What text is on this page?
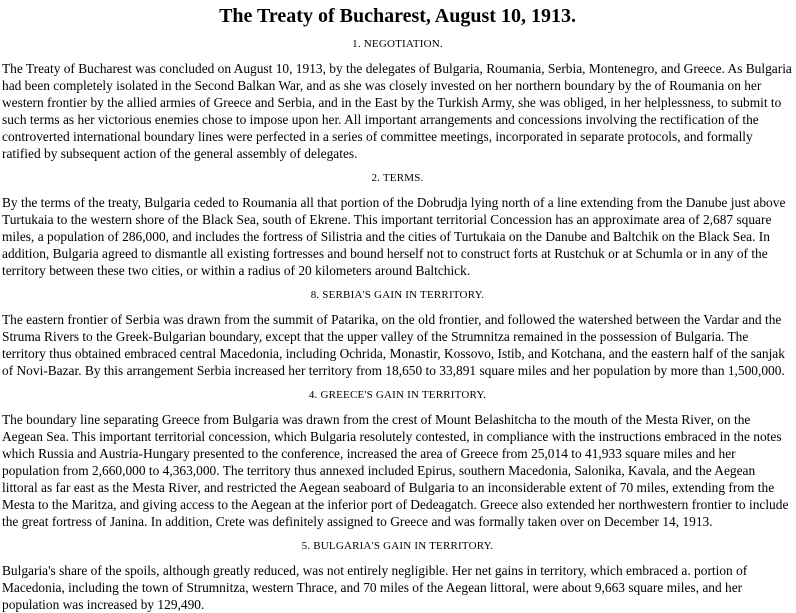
The Treaty of Bucharest, August 10, 1913.
1. NEGOTIATION.

The Treaty of Bucharest was concluded on August 10, 1913, by the delegates of Bulgaria, Roumania, Serbia, Montenegro, and Greece. As Bulgaria had been completely isolated in the Second Balkan War, and as she was closely invested on her northern boundary by the of Roumania on her western frontier by the allied armies of Greece and Serbia, and in the East by the Turkish Army, she was obliged, in her helplessness, to submit to such terms as her victorious enemies chose to impose upon her. All important arrangements and concessions involving the rectification of the controverted international boundary lines were perfected in a series of committee meetings, incorporated in separate protocols, and formally ratified by subsequent action of the general assembly of delegates.

2. TERMS.

By the terms of the treaty, Bulgaria ceded to Roumania all that portion of the Dobrudja lying north of a line extending from the Danube just above Turtukaia to the western shore of the Black Sea, south of Ekrene. This important territorial Concession has an approximate area of 2,687 square miles, a population of 286,000, and includes the fortress of Silistria and the cities of Turtukaia on the Danube and Baltchik on the Black Sea. In addition, Bulgaria agreed to dismantle all existing fortresses and bound herself not to construct forts at Rustchuk or at Schumla or in any of the territory between these two cities, or within a radius of 20 kilometers around Baltchick.

8. SERBIA'S GAIN IN TERRITORY.

The eastern frontier of Serbia was drawn from the summit of Patarika, on the old frontier, and followed the watershed between the Vardar and the Struma Rivers to the Greek-Bulgarian boundary, except that the upper valley of the Strumnitza remained in the possession of Bulgaria. The territory thus obtained embraced central Macedonia, including Ochrida, Monastir, Kossovo, Istib, and Kotchana, and the eastern half of the sanjak of Novi-Bazar. By this arrangement Serbia increased her territory from 18,650 to 33,891 square miles and her population by more than 1,500,000.

4. GREECE'S GAIN IN TERRITORY.

The boundary line separating Greece from Bulgaria was drawn from the crest of Mount Belashitcha to the mouth of the Mesta River, on the Aegean Sea. This important territorial concession, which Bulgaria resolutely contested, in compliance with the instructions embraced in the notes which Russia and Austria-Hungary presented to the conference, increased the area of Greece from 25,014 to 41,933 square miles and her population from 2,660,000 to 4,363,000. The territory thus annexed included Epirus, southern Macedonia, Salonika, Kavala, and the Aegean littoral as far east as the Mesta River, and restricted the Aegean seaboard of Bulgaria to an inconsiderable extent of 70 miles, extending from the Mesta to the Maritza, and giving access to the Aegean at the inferior port of Dedeagatch. Greece also extended her northwestern frontier to include the great fortress of Janina. In addition, Crete was definitely assigned to Greece and was formally taken over on December 14, 1913.

5. BULGARIA'S GAIN IN TERRITORY.

Bulgaria's share of the spoils, although greatly reduced, was not entirely negligible. Her net gains in territory, which embraced a. portion of Macedonia, including the town of Strumnitza, western Thrace, and 70 miles of the Aegean littoral, were about 9,663 square miles, and her population was increased by 129,490.
